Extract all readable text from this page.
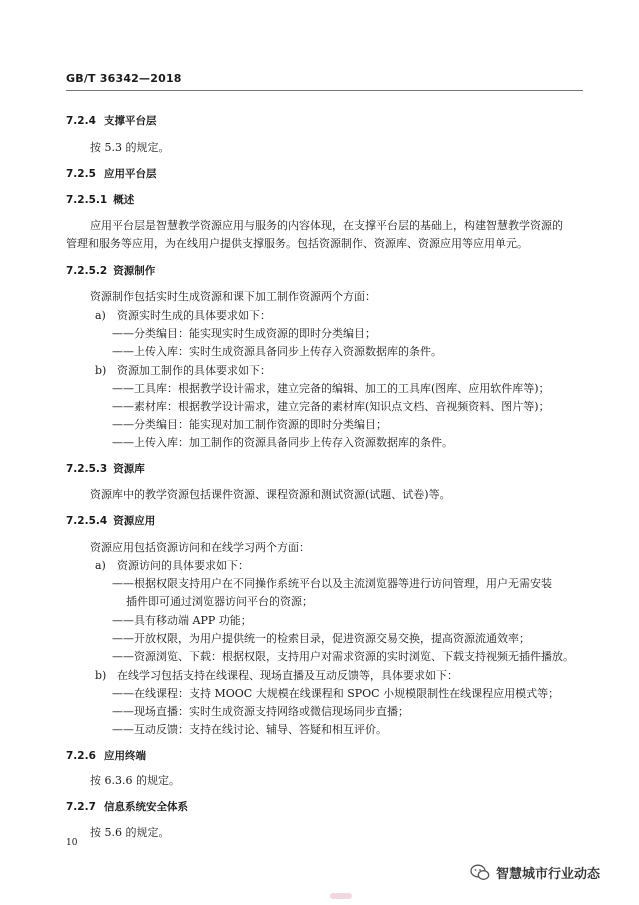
GB/T 36342—2018
7.2.4 支撑平台层
按 5.3 的规定。
7.2.5 应用平台层
7.2.5.1 概述
应用平台层是智慧教学资源应用与服务的内容体现，在支撑平台层的基础上，构建智慧教学资源的
管理和服务等应用，为在线用户提供支撑服务。包括资源制作、资源库、资源应用等应用单元。
7.2.5.2 资源制作
资源制作包括实时生成资源和课下加工制作资源两个方面：
a) 资源实时生成的具体要求如下：
——分类编目：能实现实时生成资源的即时分类编目；
——上传入库：实时生成资源具备同步上传存入资源数据库的条件。
b) 资源加工制作的具体要求如下：
——工具库：根据教学设计需求，建立完备的编辑、加工的工具库(图库、应用软件库等)；
——素材库：根据教学设计需求，建立完备的素材库(知识点文档、音视频资料、图片等)；
——分类编目：能实现对加工制作资源的即时分类编目；
——上传入库：加工制作的资源具备同步上传存入资源数据库的条件。
7.2.5.3 资源库
资源库中的教学资源包括课件资源、课程资源和测试资源(试题、试卷)等。
7.2.5.4 资源应用
资源应用包括资源访问和在线学习两个方面：
a) 资源访问的具体要求如下：
——根据权限支持用户在不同操作系统平台以及主流浏览器等进行访问管理，用户无需安装
插件即可通过浏览器访问平台的资源；
——具有移动端 APP 功能；
——开放权限，为用户提供统一的检索目录，促进资源交易交换，提高资源流通效率；
——资源浏览、下载：根据权限，支持用户对需求资源的实时浏览、下载支持视频无插件播放。
b) 在线学习包括支持在线课程、现场直播及互动反馈等，具体要求如下：
——在线课程：支持 MOOC 大规模在线课程和 SPOC 小规模限制性在线课程应用模式等；
——现场直播：实时生成资源支持网络或微信现场同步直播；
——互动反馈：支持在线讨论、辅导、答疑和相互评价。
7.2.6 应用终端
按 6.3.6 的规定。
7.2.7 信息系统安全体系
按 5.6 的规定。
10
智慧城市行业动态
